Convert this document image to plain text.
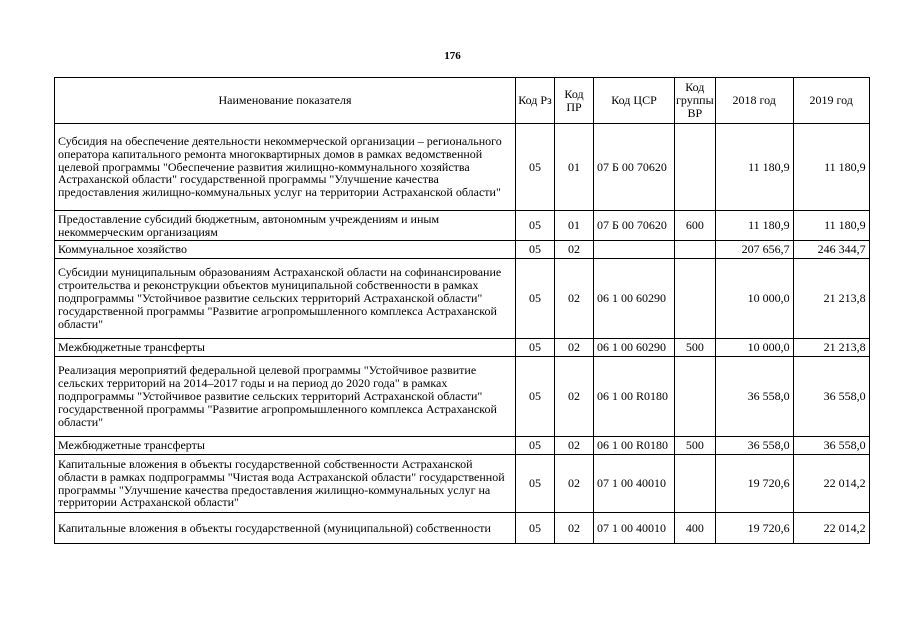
176
Наименование показателя	Код Рз	Код ПР	Код ЦСР	Код группы ВР	2018 год	2019 год
Субсидия на обеспечение деятельности некоммерческой организации – регионального оператора капитального ремонта многоквартирных домов в рамках ведомственной целевой программы "Обеспечение развития жилищно-коммунального хозяйства Астраханской области" государственной программы "Улучшение качества предоставления жилищно-коммунальных услуг на территории Астраханской области"	05	01	07 Б 00 70620		11 180,9	11 180,9
Предоставление субсидий бюджетным, автономным учреждениям и иным некоммерческим организациям	05	01	07 Б 00 70620	600	11 180,9	11 180,9
Коммунальное хозяйство	05	02			207 656,7	246 344,7
Субсидии муниципальным образованиям Астраханской области на софинансирование строительства и реконструкции объектов муниципальной собственности в рамках подпрограммы "Устойчивое развитие сельских территорий Астраханской области" государственной программы "Развитие агропромышленного комплекса Астраханской области"	05	02	06 1 00 60290		10 000,0	21 213,8
Межбюджетные трансферты	05	02	06 1 00 60290	500	10 000,0	21 213,8
Реализация мероприятий федеральной целевой программы "Устойчивое развитие сельских территорий на 2014–2017 годы и на период до 2020 года" в рамках подпрограммы "Устойчивое развитие сельских территорий Астраханской области" государственной программы "Развитие агропромышленного комплекса Астраханской области"	05	02	06 1 00 R0180		36 558,0	36 558,0
Межбюджетные трансферты	05	02	06 1 00 R0180	500	36 558,0	36 558,0
Капитальные вложения в объекты государственной собственности Астраханской области в рамках подпрограммы "Чистая вода Астраханской области" государственной программы "Улучшение качества предоставления жилищно-коммунальных услуг на территории Астраханской области"	05	02	07 1 00 40010		19 720,6	22 014,2
Капитальные вложения в объекты государственной (муниципальной) собственности	05	02	07 1 00 40010	400	19 720,6	22 014,2
